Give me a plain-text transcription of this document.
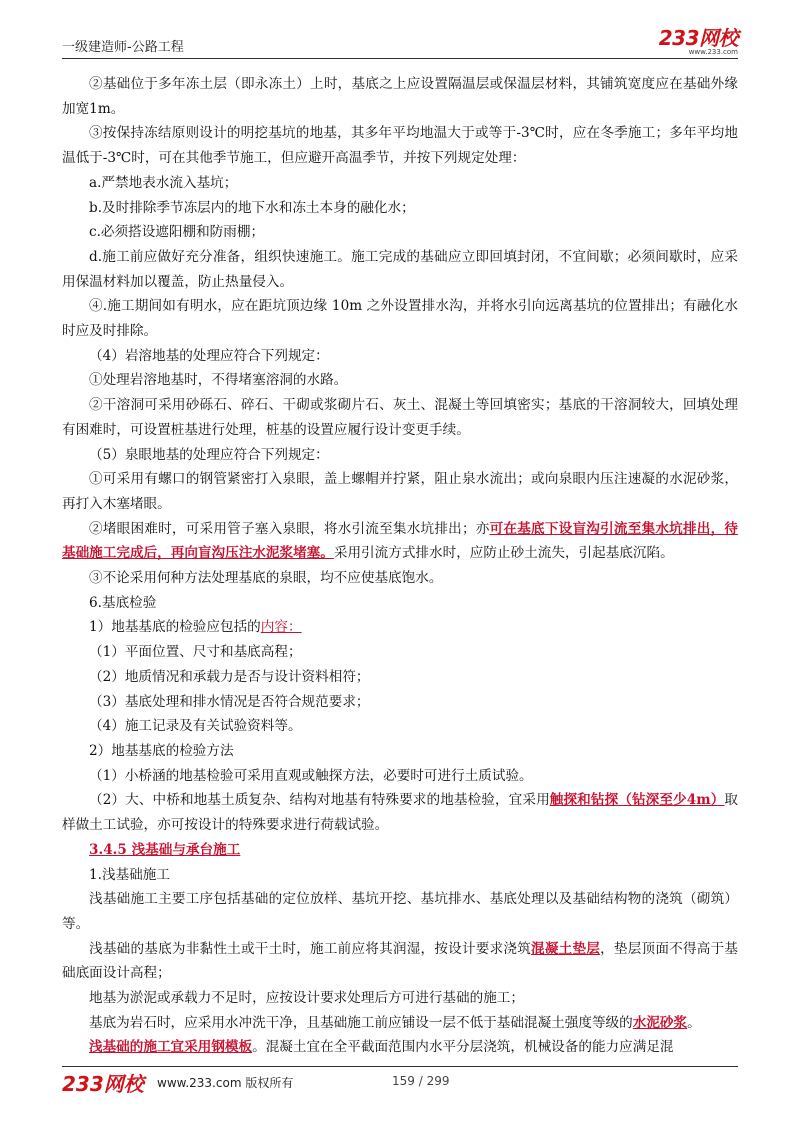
一级建造师-公路工程	233网校
www.233.com

②基础位于多年冻土层（即永冻土）上时，基底之上应设置隔温层或保温层材料，其铺筑宽度应在基础外缘加宽1m。

③按保持冻结原则设计的明挖基坑的地基，其多年平均地温大于或等于-3℃时，应在冬季施工；多年平均地温低于-3℃时，可在其他季节施工，但应避开高温季节，并按下列规定处理：

a.严禁地表水流入基坑；

b.及时排除季节冻层内的地下水和冻土本身的融化水；

c.必须搭设遮阳棚和防雨棚；

d.施工前应做好充分准备，组织快速施工。施工完成的基础应立即回填封闭，不宜间歇；必须间歇时，应采用保温材料加以覆盖，防止热量侵入。

④.施工期间如有明水，应在距坑顶边缘 10m 之外设置排水沟，并将水引向远离基坑的位置排出；有融化水时应及时排除。

（4）岩溶地基的处理应符合下列规定：

①处理岩溶地基时，不得堵塞溶洞的水路。

②干溶洞可采用砂砾石、碎石、干砌或浆砌片石、灰土、混凝土等回填密实；基底的干溶洞较大，回填处理有困难时，可设置桩基进行处理，桩基的设置应履行设计变更手续。

（5）泉眼地基的处理应符合下列规定：

①可采用有螺口的钢管紧密打入泉眼，盖上螺帽并拧紧，阻止泉水流出；或向泉眼内压注速凝的水泥砂浆，再打入木塞堵眼。

②堵眼困难时，可采用管子塞入泉眼，将水引流至集水坑排出；亦可在基底下设盲沟引流至集水坑排出，待基础施工完成后，再向盲沟压注水泥浆堵塞。采用引流方式排水时，应防止砂土流失，引起基底沉陷。

③不论采用何种方法处理基底的泉眼，均不应使基底饱水。

6.基底检验

1）地基基底的检验应包括的内容：

（1）平面位置、尺寸和基底高程；

（2）地质情况和承载力是否与设计资料相符；

（3）基底处理和排水情况是否符合规范要求；

（4）施工记录及有关试验资料等。

2）地基基底的检验方法

（1）小桥涵的地基检验可采用直观或触探方法，必要时可进行土质试验。

（2）大、中桥和地基土质复杂、结构对地基有特殊要求的地基检验，宜采用触探和钻探（钻深至少4m）取样做土工试验，亦可按设计的特殊要求进行荷载试验。

3.4.5 浅基础与承台施工

1.浅基础施工

浅基础施工主要工序包括基础的定位放样、基坑开挖、基坑排水、基底处理以及基础结构物的浇筑（砌筑）等。

浅基础的基底为非黏性土或干土时，施工前应将其润湿，按设计要求浇筑混凝土垫层，垫层顶面不得高于基础底面设计高程；

地基为淤泥或承载力不足时，应按设计要求处理后方可进行基础的施工；

基底为岩石时，应采用水冲洗干净，且基础施工前应铺设一层不低于基础混凝土强度等级的水泥砂浆。

浅基础的施工宜采用钢模板。混凝土宜在全平截面范围内水平分层浇筑，机械设备的能力应满足混

233网校 www.233.com 版权所有	159 / 299
